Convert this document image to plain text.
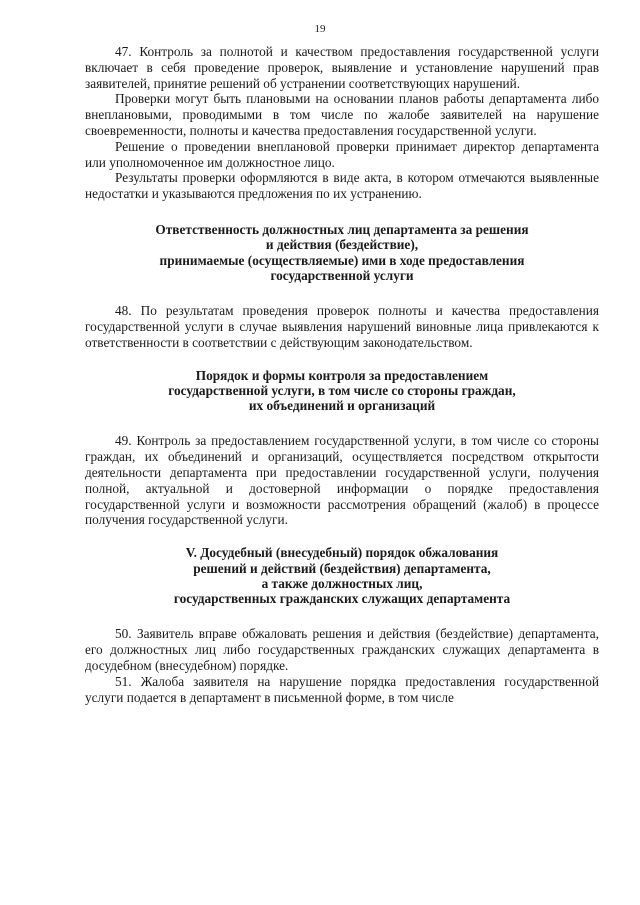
19

47. Контроль за полнотой и качеством предоставления государственной услуги включает в себя проведение проверок, выявление и установление нарушений прав заявителей, принятие решений об устранении соответствующих нарушений.

Проверки могут быть плановыми на основании планов работы департамента либо внеплановыми, проводимыми в том числе по жалобе заявителей на нарушение своевременности, полноты и качества предоставления государственной услуги.

Решение о проведении внеплановой проверки принимает директор департамента или уполномоченное им должностное лицо.

Результаты проверки оформляются в виде акта, в котором отмечаются выявленные недостатки и указываются предложения по их устранению.

Ответственность должностных лиц департамента за решения
и действия (бездействие),
принимаемые (осуществляемые) ими в ходе предоставления
государственной услуги

48. По результатам проведения проверок полноты и качества предоставления государственной услуги в случае выявления нарушений виновные лица привлекаются к ответственности в соответствии с действующим законодательством.

Порядок и формы контроля за предоставлением
государственной услуги, в том числе со стороны граждан,
их объединений и организаций

49. Контроль за предоставлением государственной услуги, в том числе со стороны граждан, их объединений и организаций, осуществляется посредством открытости деятельности департамента при предоставлении государственной услуги, получения полной, актуальной и достоверной информации о порядке предоставления государственной услуги и возможности рассмотрения обращений (жалоб) в процессе получения государственной услуги.

V. Досудебный (внесудебный) порядок обжалования
решений и действий (бездействия) департамента,
а также должностных лиц,
государственных гражданских служащих департамента

50. Заявитель вправе обжаловать решения и действия (бездействие) департамента, его должностных лиц либо государственных гражданских служащих департамента в досудебном (внесудебном) порядке.

51. Жалоба заявителя на нарушение порядка предоставления государственной услуги подается в департамент в письменной форме, в том числе
